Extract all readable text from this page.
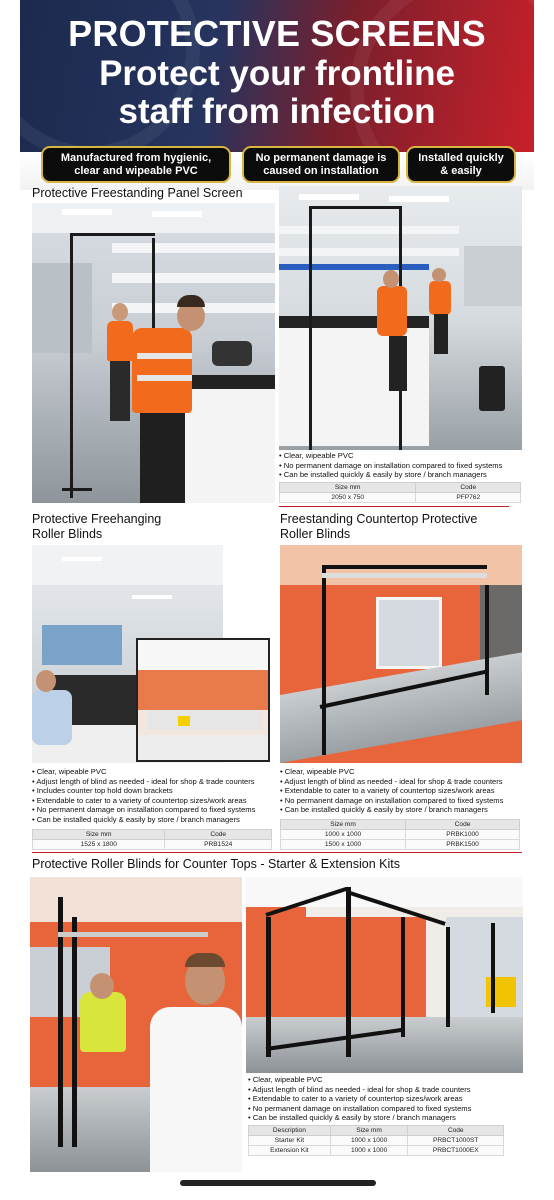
PROTECTIVE SCREENS
Protect your frontline
staff from infection
Manufactured from hygienic,
clear and wipeable PVC
No permanent damage is
caused on installation
Installed quickly
& easily
Protective Freestanding Panel Screen
• Clear, wipeable PVC
• No permanent damage on installation compared to fixed systems
• Can be installed quickly & easily by store / branch managers
Size mm	Code
2050 x 750	PFP762
Protective Freehanging
Roller Blinds
• Clear, wipeable PVC
• Adjust length of blind as needed - ideal for shop & trade counters
• Includes counter top hold down brackets
• Extendable to cater to a variety of countertop sizes/work areas
• No permanent damage on installation compared to fixed systems
• Can be installed quickly & easily by store / branch managers
Size mm	Code
1525 x 1800	PRB1524
Freestanding Countertop Protective
Roller Blinds
• Clear, wipeable PVC
• Adjust length of blind as needed - ideal for shop & trade counters
• Extendable to cater to a variety of countertop sizes/work areas
• No permanent damage on installation compared to fixed systems
• Can be installed quickly & easily by store / branch managers
Size mm	Code
1000 x 1000	PRBK1000
1500 x 1000	PRBK1500
Protective Roller Blinds for Counter Tops - Starter & Extension Kits
• Clear, wipeable PVC
• Adjust length of blind as needed - ideal for shop & trade counters
• Extendable to cater to a variety of countertop sizes/work areas
• No permanent damage on installation compared to fixed systems
• Can be installed quickly & easily by store / branch managers
Description	Size mm	Code
Starter Kit	1000 x 1000	PRBCT1000ST
Extension Kit	1000 x 1000	PRBCT1000EX
